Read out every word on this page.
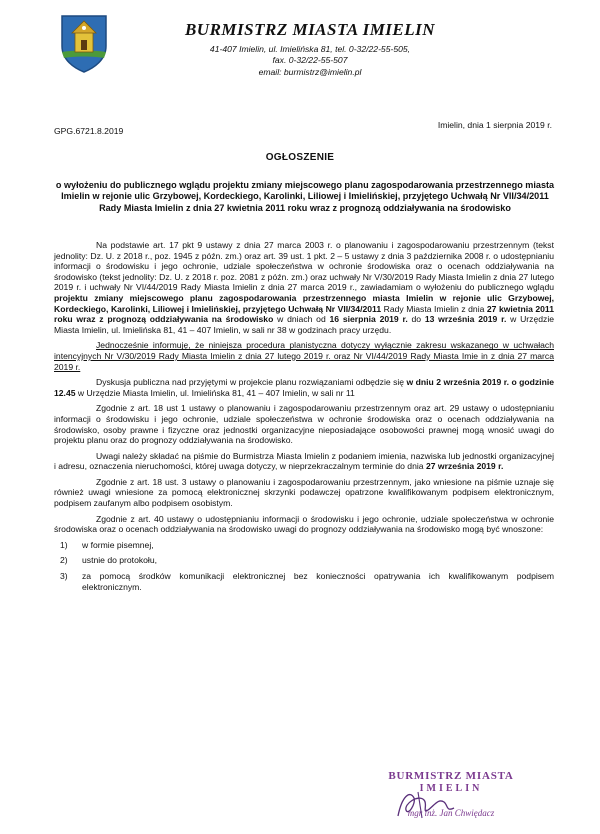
BURMISTRZ MIASTA IMIELIN
41-407 Imielin, ul. Imielińska 81, tel. 0-32/22-55-505,
fax. 0-32/22-55-507
email: burmistrz@imielin.pl
Imielin, dnia 1 sierpnia 2019 r.
GPG.6721.8.2019
OGŁOSZENIE
o wyłożeniu do publicznego wglądu projektu zmiany miejscowego planu zagospodarowania przestrzennego miasta Imielin w rejonie ulic Grzybowej, Kordeckiego, Karolinki, Liliowej i Imielińskiej, przyjętego Uchwałą Nr VII/34/2011 Rady Miasta Imielin z dnia 27 kwietnia 2011 roku wraz z prognozą oddziaływania na środowisko

Na podstawie art. 17 pkt 9 ustawy z dnia 27 marca 2003 r. o planowaniu i zagospodarowaniu przestrzennym (tekst jednolity: Dz. U. z 2018 r., poz. 1945 z późn. zm.) oraz art. 39 ust. 1 pkt. 2 – 5 ustawy z dnia 3 października 2008 r. o udostępnianiu informacji o środowisku i jego ochronie, udziale społeczeństwa w ochronie środowiska oraz o ocenach oddziaływania na środowisko (tekst jednolity: Dz. U. z 2018 r. poz. 2081 z późn. zm.) oraz uchwały Nr V/30/2019 Rady Miasta Imielin z dnia 27 lutego 2019 r. i uchwały Nr VI/44/2019 Rady Miasta Imielin z dnia 27 marca 2019 r., zawiadamiam o wyłożeniu do publicznego wglądu projektu zmiany miejscowego planu zagospodarowania przestrzennego miasta Imielin w rejonie ulic Grzybowej, Kordeckiego, Karolinki, Liliowej i Imielińskiej, przyjętego Uchwałą Nr VII/34/2011 Rady Miasta Imielin z dnia 27 kwietnia 2011 roku wraz z prognozą oddziaływania na środowisko w dniach od 16 sierpnia 2019 r. do 13 września 2019 r. w Urzędzie Miasta Imielin, ul. Imielińska 81, 41 – 407 Imielin, w sali nr 38 w godzinach pracy urzędu.

Jednocześnie informuję, że niniejsza procedura planistyczna dotyczy wyłącznie zakresu wskazanego w uchwałach intencyjnych Nr V/30/2019 Rady Miasta Imielin z dnia 27 lutego 2019 r. oraz Nr VI/44/2019 Rady Miasta Imie in z dnia 27 marca 2019 r.

Dyskusja publiczna nad przyjętymi w projekcie planu rozwiązaniami odbędzie się w dniu 2 września 2019 r. o godzinie 12.45 w Urzędzie Miasta Imielin, ul. Imielińska 81, 41 – 407 Imielin, w sali nr 11

Zgodnie z art. 18 ust 1 ustawy o planowaniu i zagospodarowaniu przestrzennym oraz art. 29 ustawy o udostępnianiu informacji o środowisku i jego ochronie, udziale społeczeństwa w ochronie środowiska oraz o ocenach oddziaływania na środowisko, osoby prawne i fizyczne oraz jednostki organizacyjne nieposiadające osobowości prawnej mogą wnosić uwagi do projektu planu oraz do prognozy oddziaływania na środowisko.

Uwagi należy składać na piśmie do Burmistrza Miasta Imielin z podaniem imienia, nazwiska lub jednostki organizacyjnej i adresu, oznaczenia nieruchomości, której uwaga dotyczy, w nieprzekraczalnym terminie do dnia 27 września 2019 r.

Zgodnie z art. 18 ust. 3 ustawy o planowaniu i zagospodarowaniu przestrzennym, jako wniesione na piśmie uznaje się również uwagi wniesione za pomocą elektronicznej skrzynki podawczej opatrzone kwalifikowanym podpisem elektronicznym, podpisem zaufanym albo podpisem osobistym.

Zgodnie z art. 40 ustawy o udostępnianiu informacji o środowisku i jego ochronie, udziale społeczeństwa w ochronie środowiska oraz o ocenach oddziaływania na środowisko uwagi do prognozy oddziaływania na środowisko mogą być wnoszone:

1) w formie pisemnej,
2) ustnie do protokołu,
3) za pomocą środków komunikacji elektronicznej bez konieczności opatrywania ich kwalifikowanym podpisem elektronicznym.
BURMISTRZ MIASTA
IMIELIN
mgr inż. Jan Chwiędacz
